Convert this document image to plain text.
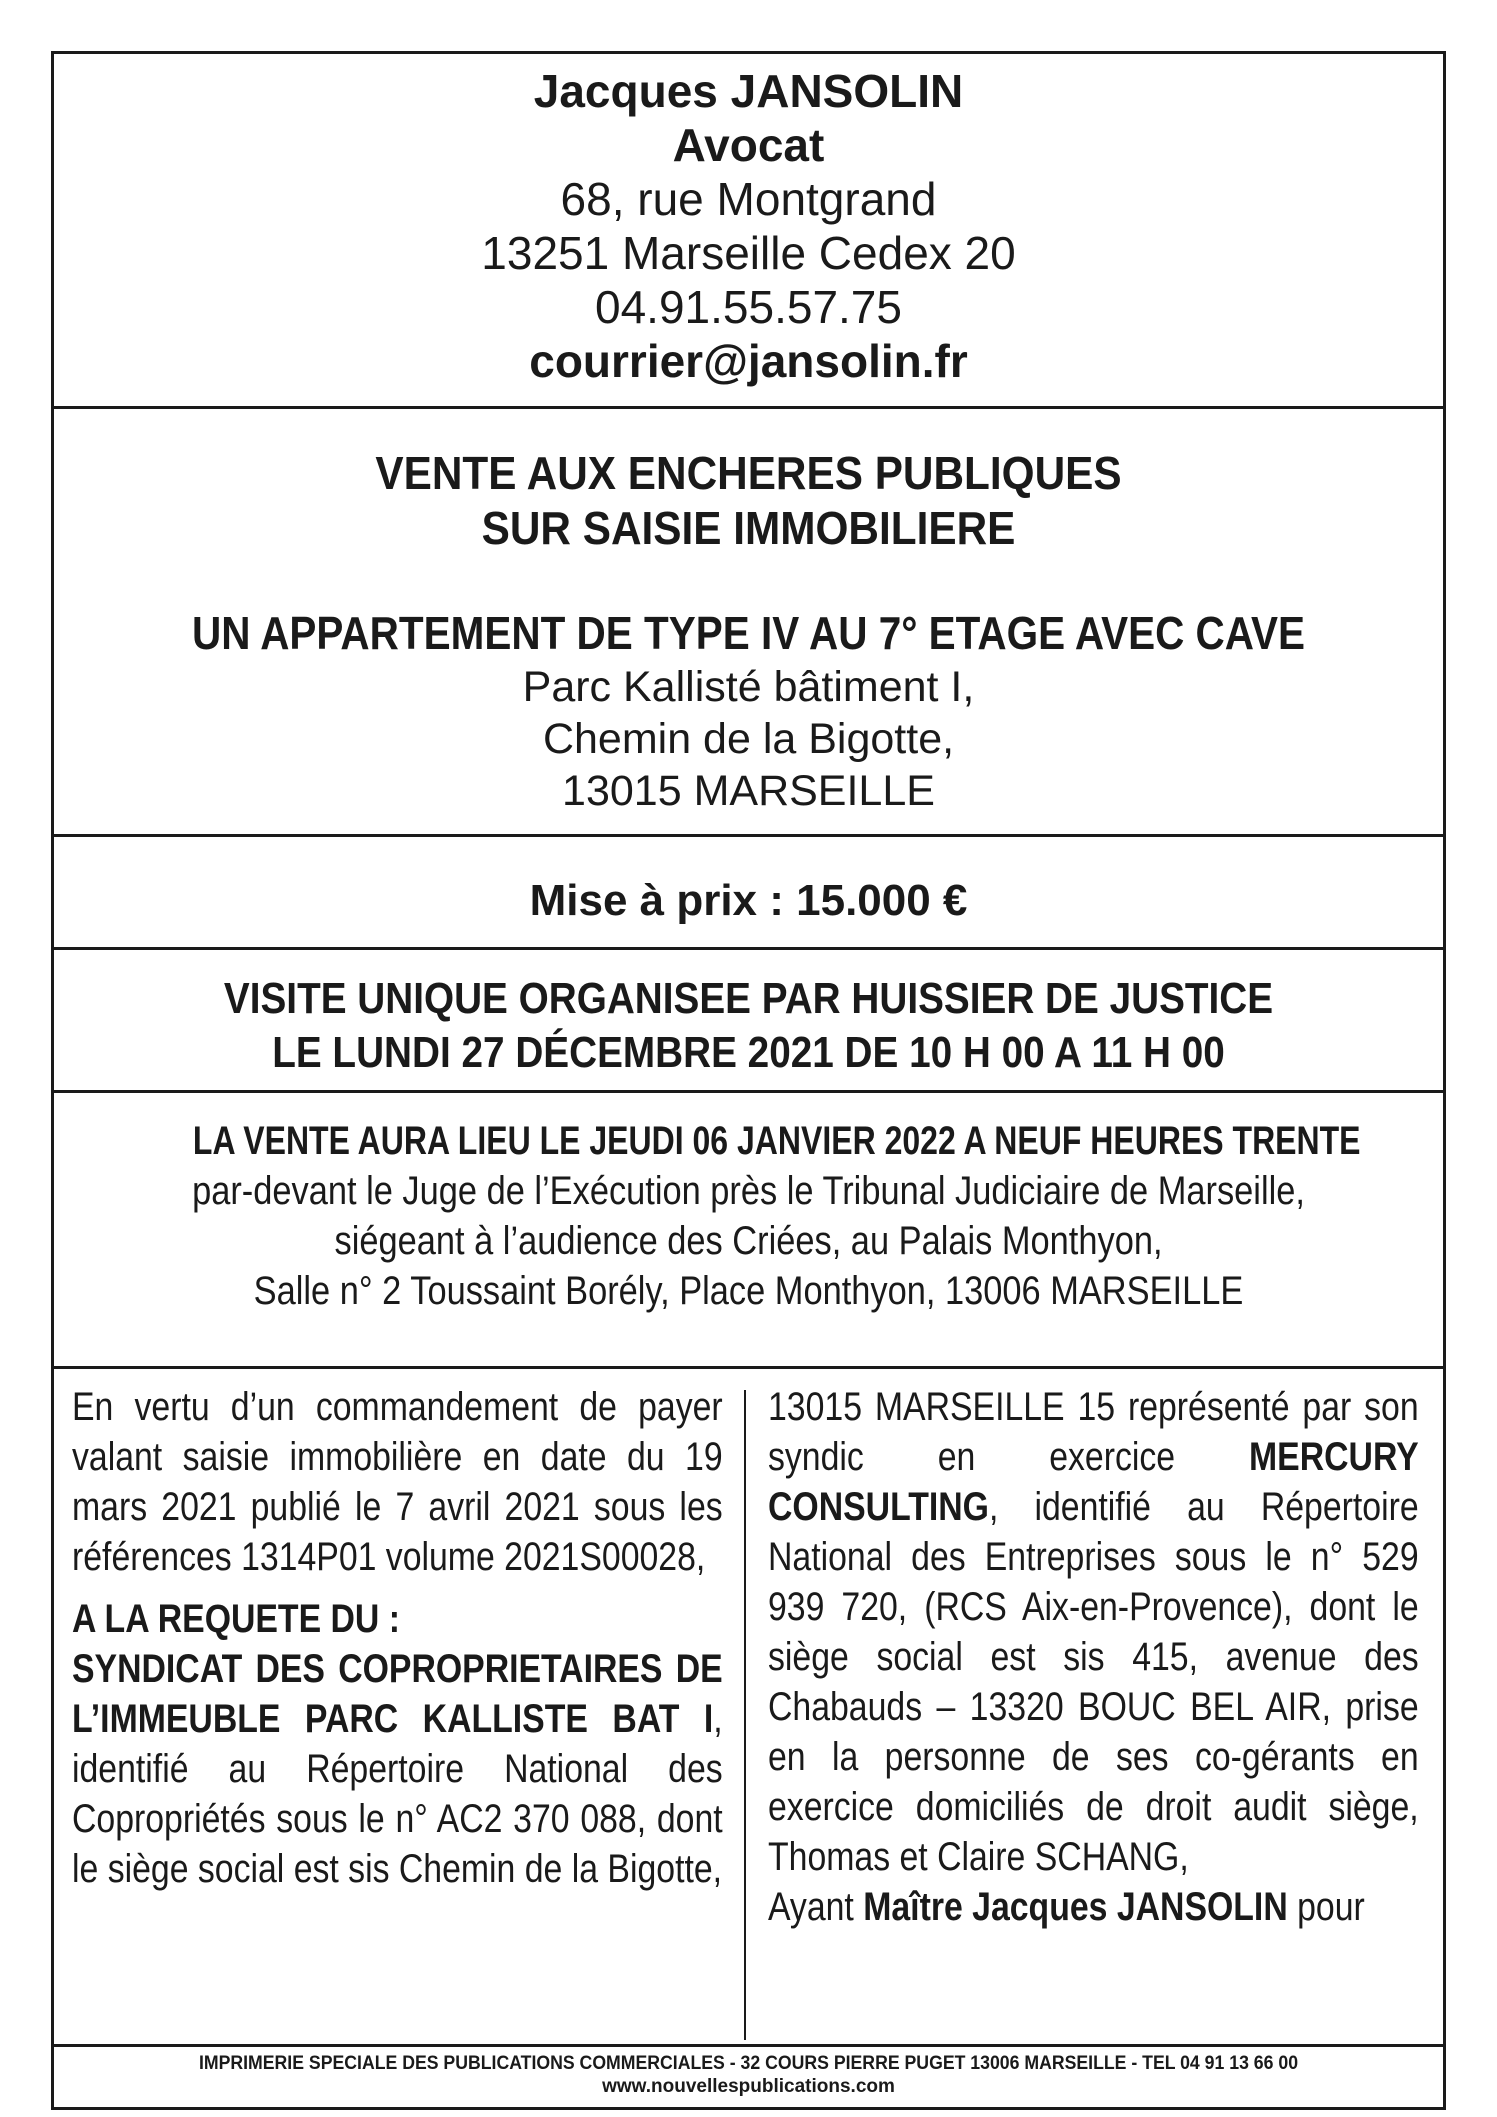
Jacques JANSOLIN
Avocat
68, rue Montgrand
13251 Marseille Cedex 20
04.91.55.57.75
courrier@jansolin.fr
VENTE AUX ENCHERES PUBLIQUES
SUR SAISIE IMMOBILIERE
UN APPARTEMENT DE TYPE IV AU 7° ETAGE AVEC CAVE
Parc Kallisté bâtiment I,
Chemin de la Bigotte,
13015 MARSEILLE
Mise à prix : 15.000 €
VISITE UNIQUE ORGANISEE PAR HUISSIER DE JUSTICE
LE LUNDI 27 DÉCEMBRE 2021 DE 10 H 00 A 11 H 00
LA VENTE AURA LIEU LE JEUDI 06 JANVIER 2022 A NEUF HEURES TRENTE
par-devant le Juge de l’Exécution près le Tribunal Judiciaire de Marseille,
siégeant à l’audience des Criées, au Palais Monthyon,
Salle n° 2 Toussaint Borély, Place Monthyon, 13006 MARSEILLE

En vertu d’un commandement de payer valant saisie immobilière en date du 19 mars 2021 publié le 7 avril 2021 sous les références 1314P01 volume 2021S00028,

A LA REQUETE DU :

SYNDICAT DES COPROPRIETAIRES DE L’IMMEUBLE PARC KALLISTE BAT I, identifié au Répertoire National des Copropriétés sous le n° AC2 370 088, dont le siège social est sis Chemin de la Bigotte,

13015 MARSEILLE 15 représenté par son syndic en exercice MERCURY CONSULTING, identifié au Répertoire National des Entreprises sous le n° 529 939 720, (RCS Aix-en-Provence), dont le siège social est sis 415, avenue des Chabauds – 13320 BOUC BEL AIR, prise en la personne de ses co-gérants en exercice domiciliés de droit audit siège, Thomas et Claire SCHANG,

Ayant Maître Jacques JANSOLIN pour

IMPRIMERIE SPECIALE DES PUBLICATIONS COMMERCIALES - 32 COURS PIERRE PUGET 13006 MARSEILLE - TEL 04 91 13 66 00
www.nouvellespublications.com
